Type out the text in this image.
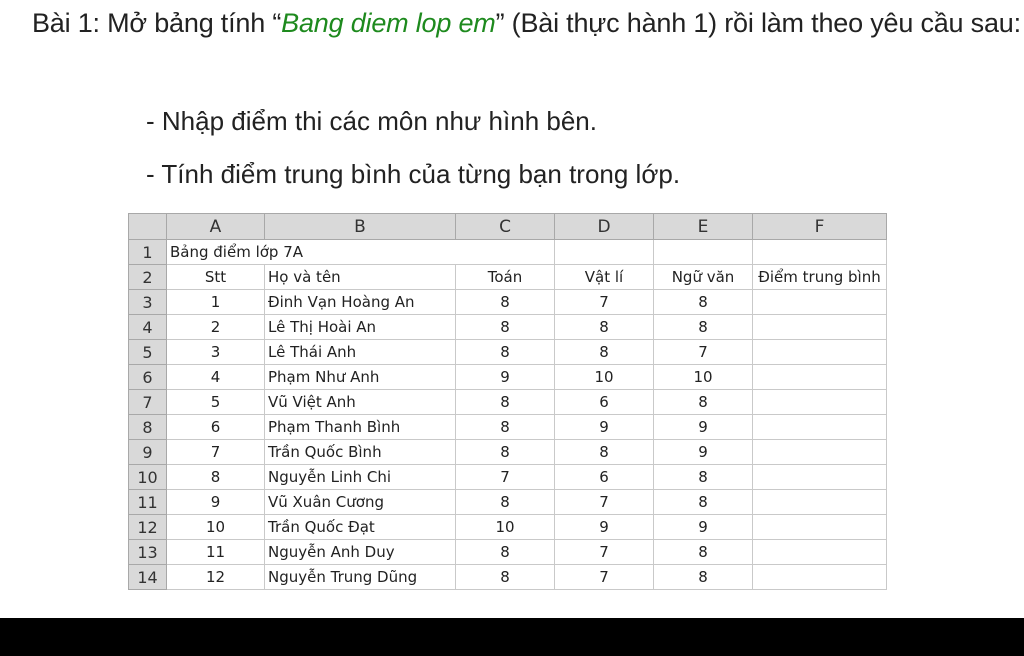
Bài 1: Mở bảng tính “Bang diem lop em” (Bài thực hành 1) rồi làm theo yêu cầu sau:
- Nhập điểm thi các môn như hình bên.
- Tính điểm trung bình của từng bạn trong lớp.
	A	B	C	D	E	F
1	Bảng điểm lớp 7A					
2	Stt	Họ và tên	Toán	Vật lí	Ngữ văn	Điểm trung bình
3	1	Đinh Vạn Hoàng An	8	7	8	
4	2	Lê Thị Hoài An	8	8	8	
5	3	Lê Thái Anh	8	8	7	
6	4	Phạm Như Anh	9	10	10	
7	5	Vũ Việt Anh	8	6	8	
8	6	Phạm Thanh Bình	8	9	9	
9	7	Trần Quốc Bình	8	8	9	
10	8	Nguyễn Linh Chi	7	6	8	
11	9	Vũ Xuân Cương	8	7	8	
12	10	Trần Quốc Đạt	10	9	9	
13	11	Nguyễn Anh Duy	8	7	8	
14	12	Nguyễn Trung Dũng	8	7	8	
